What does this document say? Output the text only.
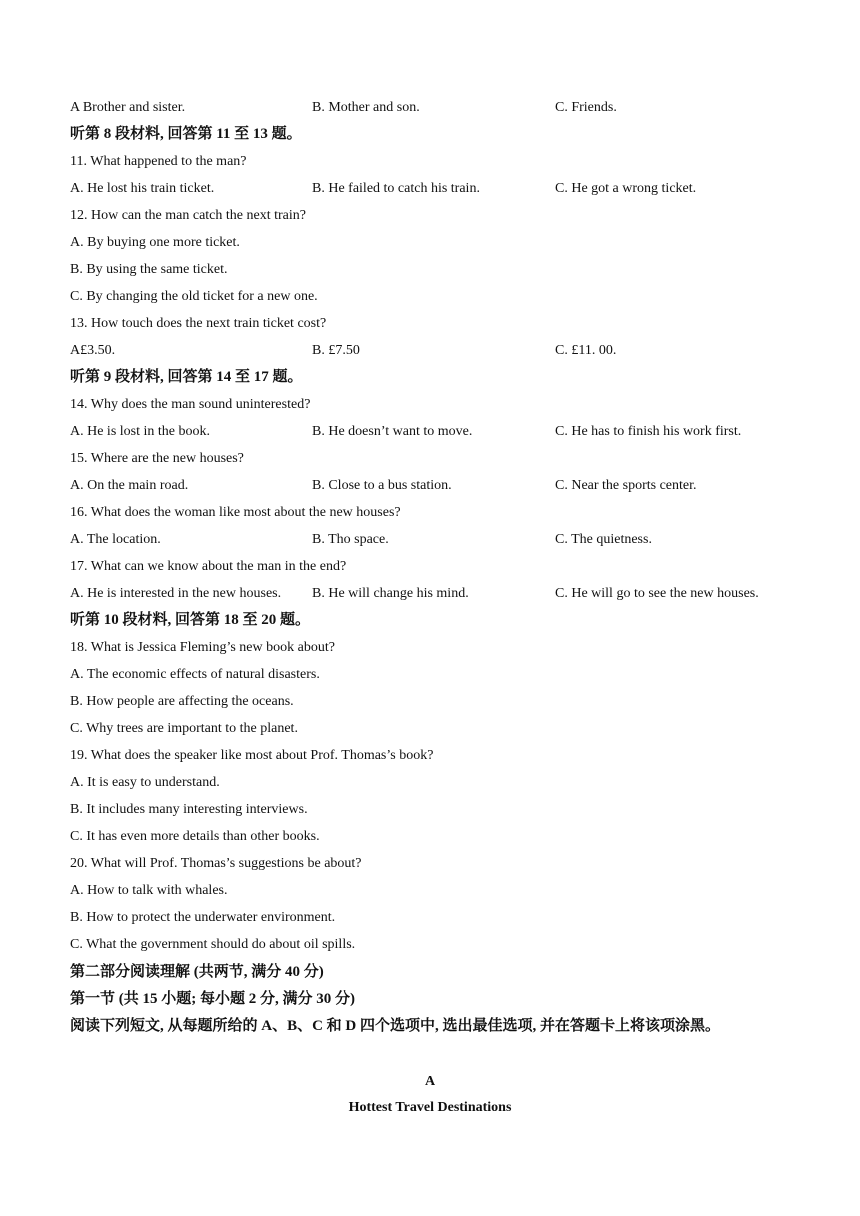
A Brother and sister.	B. Mother and son.	C. Friends.
听第 8 段材料, 回答第 11 至 13 题。
11. What happened to the man?
A. He lost his train ticket.	B. He failed to catch his train.	C. He got a wrong ticket.
12. How can the man catch the next train?
A. By buying one more ticket.
B. By using the same ticket.
C. By changing the old ticket for a new one.
13. How touch does the next train ticket cost?
A£3.50.	B. £7.50	C. £11. 00.
听第 9 段材料, 回答第 14 至 17 题。
14. Why does the man sound uninterested?
A. He is lost in the book.	B. He doesn’t want to move.	C. He has to finish his work first.
15. Where are the new houses?
A. On the main road.	B. Close to a bus station.	C. Near the sports center.
16. What does the woman like most about the new houses?
A. The location.	B. Tho space.	C. The quietness.
17. What can we know about the man in the end?
A. He is interested in the new houses. B. He will change his mind.	C. He will go to see the new houses.
听第 10 段材料, 回答第 18 至 20 题。
18. What is Jessica Fleming’s new book about?
A. The economic effects of natural disasters.
B. How people are affecting the oceans.
C. Why trees are important to the planet.
19. What does the speaker like most about Prof. Thomas’s book?
A. It is easy to understand.
B. It includes many interesting interviews.
C. It has even more details than other books.
20. What will Prof. Thomas’s suggestions be about?
A. How to talk with whales.
B. How to protect the underwater environment.
C. What the government should do about oil spills.
第二部分阅读理解 (共两节, 满分 40 分)
第一节 (共 15 小题; 每小题 2 分, 满分 30 分)
阅读下列短文, 从每题所给的 A、B、C 和 D 四个选项中, 选出最佳选项, 并在答题卡上将该项涂黑。
A
Hottest Travel Destinations
